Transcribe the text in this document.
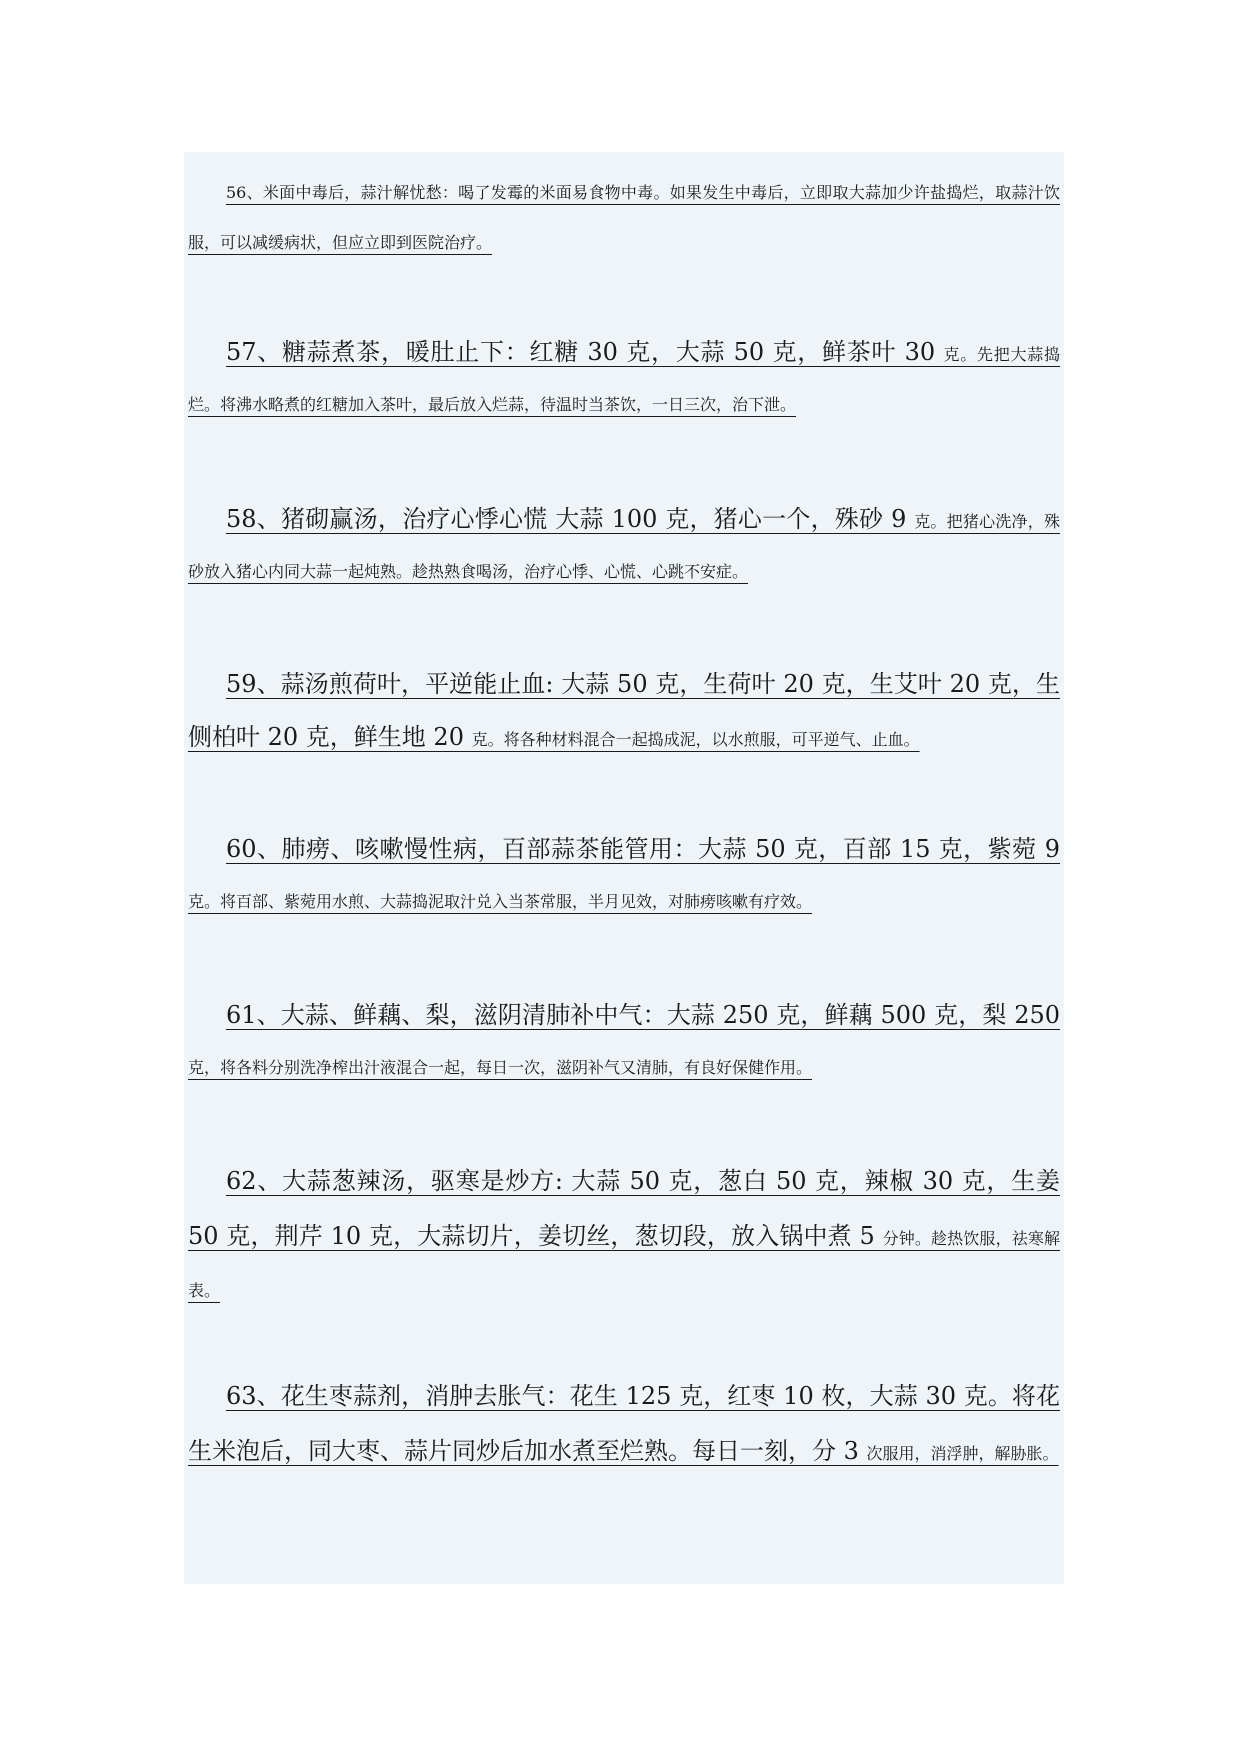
56、米面中毒后，蒜汁解忧愁：喝了发霉的米面易食物中毒。如果发生中毒后，立即取大蒜加少许盐捣烂，取蒜汁饮服，可以减缓病状，但应立即到医院治疗。

57、糖蒜煮茶，暖肚止下：红糖 30 克，大蒜 50 克，鲜茶叶 30 克。先把大蒜捣烂。将沸水略煮的红糖加入茶叶，最后放入烂蒜，待温时当茶饮，一日三次，治下泄。

58、猪砌赢汤，治疗心悸心慌 大蒜 100 克，猪心一个，殊砂 9 克。把猪心洗净，殊砂放入猪心内同大蒜一起炖熟。趁热熟食喝汤，治疗心悸、心慌、心跳不安症。

59、蒜汤煎荷叶，平逆能止血: 大蒜 50 克，生荷叶 20 克，生艾叶 20 克，生侧柏叶 20 克，鲜生地 20 克。将各种材料混合一起捣成泥，以水煎服，可平逆气、止血。

60、肺痨、咳嗽慢性病，百部蒜茶能管用：大蒜 50 克，百部 15 克，紫菀 9 克。将百部、紫菀用水煎、大蒜捣泥取汁兑入当茶常服，半月见效，对肺痨咳嗽有疗效。

61、大蒜、鲜藕、梨，滋阴清肺补中气：大蒜 250 克，鲜藕 500 克，梨 250 克，将各料分别洗净榨出汁液混合一起，每日一次，滋阴补气又清肺，有良好保健作用。

62、大蒜葱辣汤，驱寒是炒方: 大蒜 50 克，葱白 50 克，辣椒 30 克，生姜 50 克，荆芹 10 克，大蒜切片，姜切丝，葱切段，放入锅中煮 5 分钟。趁热饮服，祛寒解表。

63、花生枣蒜剂，消肿去胀气：花生 125 克，红枣 10 枚，大蒜 30 克。将花生米泡后，同大枣、蒜片同炒后加水煮至烂熟。每日一刻，分 3 次服用，消浮肿，解胁胀。
